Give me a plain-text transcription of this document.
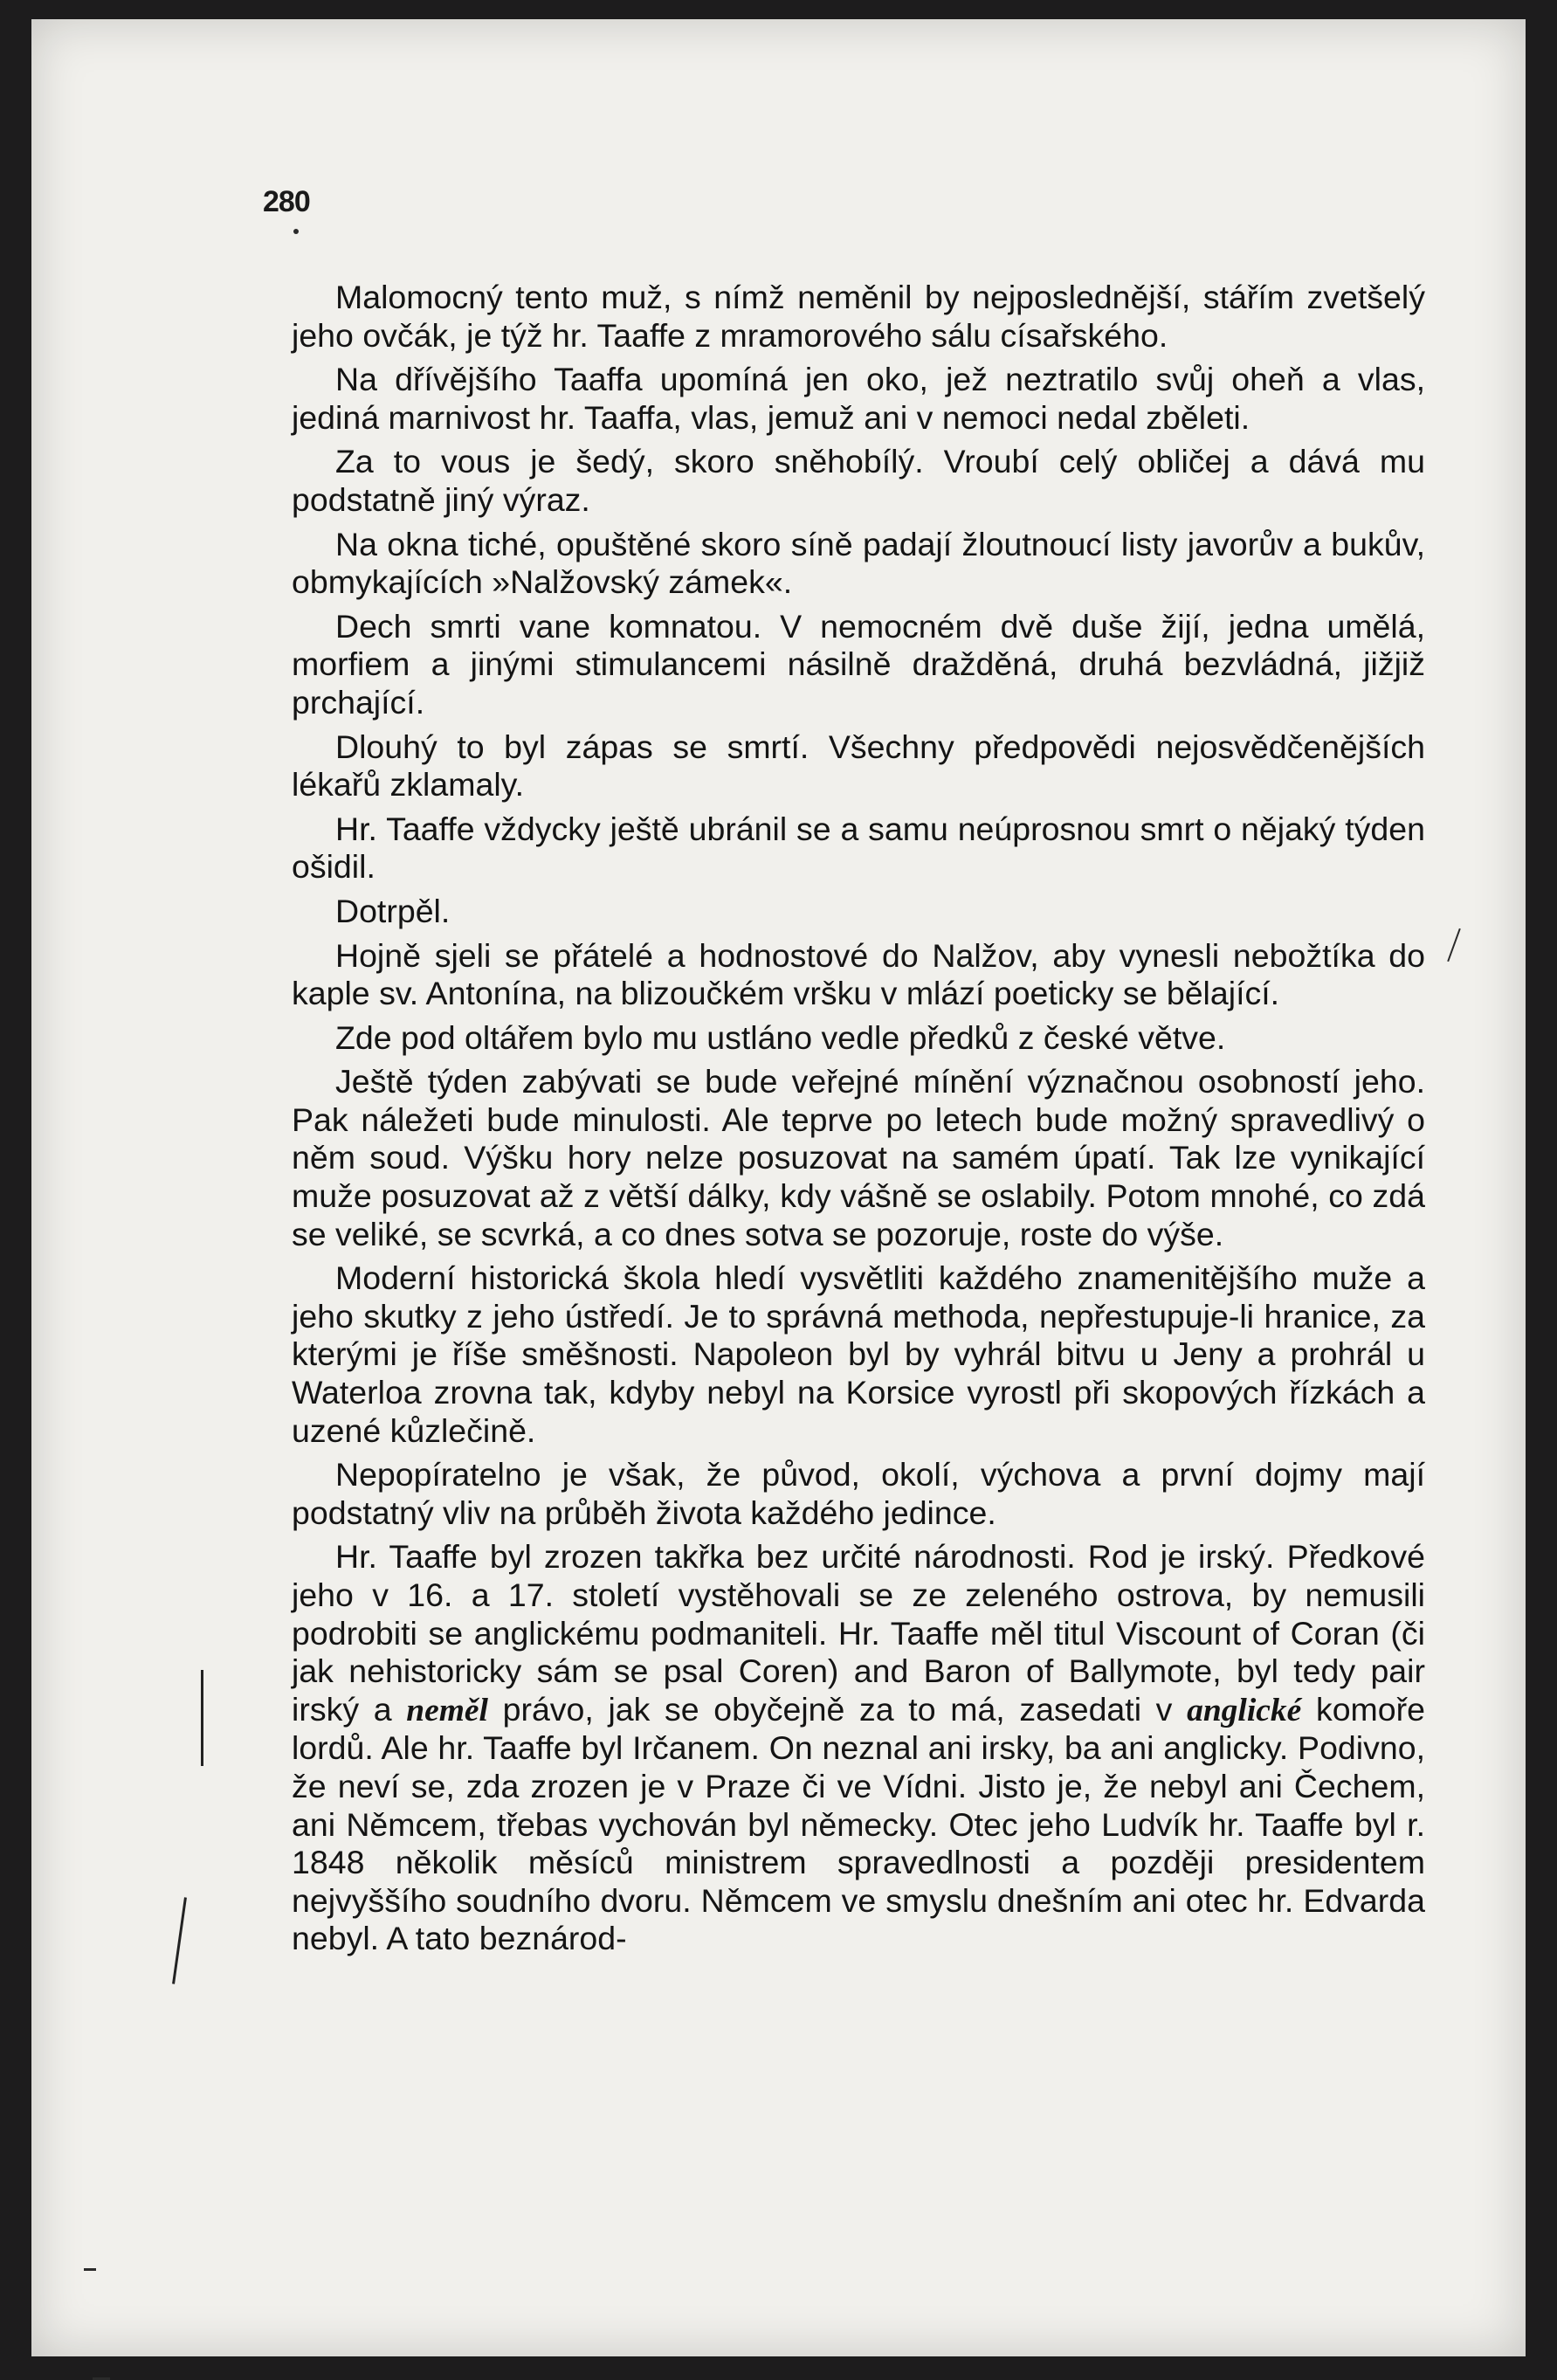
280

Malomocný tento muž, s nímž neměnil by nejposlednější, stářím zvetšelý jeho ovčák, je týž hr. Taaffe z mramorového sálu císařského.

Na dřívějšího Taaffa upomíná jen oko, jež neztratilo svůj oheň a vlas, jediná marnivost hr. Taaffa, vlas, jemuž ani v nemoci nedal zběleti.

Za to vous je šedý, skoro sněhobílý. Vroubí celý obličej a dává mu podstatně jiný výraz.

Na okna tiché, opuštěné skoro síně padají žloutnoucí listy javorův a bukův, obmykajících »Nalžovský zámek«.

Dech smrti vane komnatou. V nemocném dvě duše žijí, jedna umělá, morfiem a jinými stimulancemi násilně dražděná, druhá bezvládná, jižjiž prchající.

Dlouhý to byl zápas se smrtí. Všechny předpovědi nejosvědčenějších lékařů zklamaly.

Hr. Taaffe vždycky ještě ubránil se a samu neúprosnou smrt o nějaký týden ošidil.

Dotrpěl.

Hojně sjeli se přátelé a hodnostové do Nalžov, aby vynesli nebožtíka do kaple sv. Antonína, na blizoučkém vršku v mlází poeticky se bělající.

Zde pod oltářem bylo mu ustláno vedle předků z české větve.

Ještě týden zabývati se bude veřejné mínění význačnou osobností jeho. Pak náležeti bude minulosti. Ale teprve po letech bude možný spravedlivý o něm soud. Výšku hory nelze posuzovat na samém úpatí. Tak lze vynikající muže posuzovat až z větší dálky, kdy vášně se oslabily. Potom mnohé, co zdá se veliké, se scvrká, a co dnes sotva se pozoruje, roste do výše.

Moderní historická škola hledí vysvětliti každého znamenitějšího muže a jeho skutky z jeho ústředí. Je to správná methoda, nepřestupuje-li hranice, za kterými je říše směšnosti. Napoleon byl by vyhrál bitvu u Jeny a prohrál u Waterloa zrovna tak, kdyby nebyl na Korsice vyrostl při skopových řízkách a uzené kůzlečině.

Nepopíratelno je však, že původ, okolí, výchova a první dojmy mají podstatný vliv na průběh života každého jedince.

Hr. Taaffe byl zrozen takřka bez určité národnosti. Rod je irský. Předkové jeho v 16. a 17. století vystěhovali se ze zeleného ostrova, by nemusili podrobiti se anglickému podmaniteli. Hr. Taaffe měl titul Viscount of Coran (či jak nehistoricky sám se psal Coren) and Baron of Ballymote, byl tedy pair irský a neměl právo, jak se obyčejně za to má, zasedati v anglické komoře lordů. Ale hr. Taaffe byl Irčanem. On neznal ani irsky, ba ani anglicky. Podivno, že neví se, zda zrozen je v Praze či ve Vídni. Jisto je, že nebyl ani Čechem, ani Němcem, třebas vychován byl německy. Otec jeho Ludvík hr. Taaffe byl r. 1848 několik měsíců ministrem spravedlnosti a později presidentem nejvyššího soudního dvoru. Němcem ve smyslu dnešním ani otec hr. Edvarda nebyl. A tato beznárod-
